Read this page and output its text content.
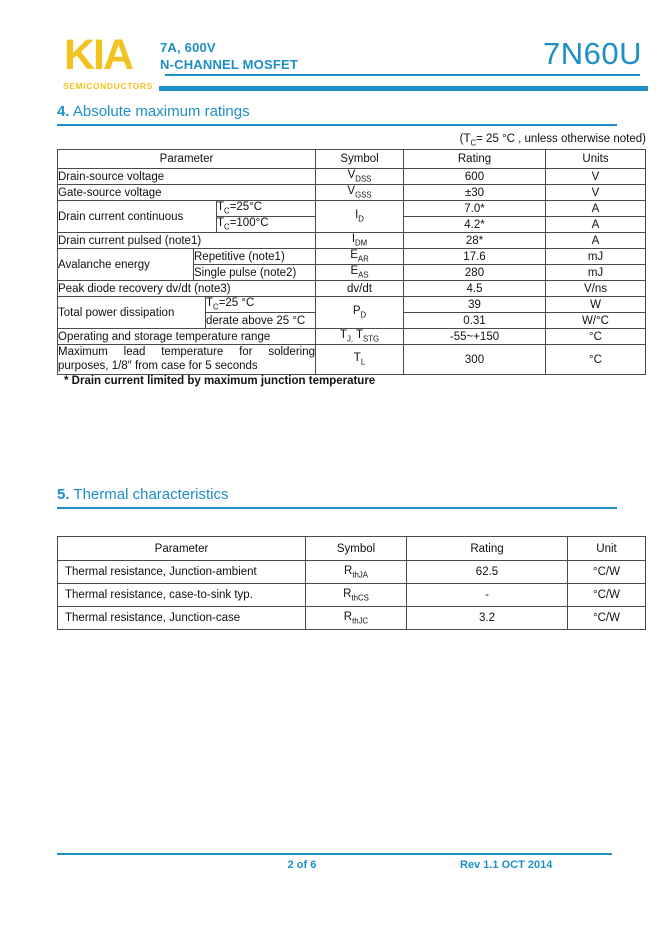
KIA
SEMICONDUCTORS
7A, 600V
N-CHANNEL MOSFET	7N60U
4. Absolute maximum ratings
($T_C= 25$ °C , unless otherwise noted)
Parameter				Symbol	Rating	Units
Drain-source voltage				$V_{DSS}$	600	V
Gate-source voltage				$V_{GSS}$	±30	V
Drain current continuous			$T_C=25^\circ C$	$I_D$	7.0*	A
			$T_C=100^\circ C$		4.2*	A
Drain current pulsed (note1)				$I_{DM}$	28*	A
Avalanche energy	Repetitive (note1)			$E_{AR}$	17.6	mJ
	Single pulse (note2)			$E_{AS}$	280	mJ
Peak diode recovery dv/dt (note3)				dv/dt	4.5	V/ns
Total power dissipation		$T_C=25$ °C		$P_D$	39	W
		derate above 25 °C			0.31	W/°C
Operating and storage temperature range				$T_{J,}$ $T_{STG}$	-55~+150	°C
Maximum lead temperature for soldering purposes, 1/8″ from case for 5 seconds				$T_L$	300	°C
* Drain current limited by maximum junction temperature
5. Thermal characteristics
Parameter	Symbol	Rating	Unit
Thermal resistance, Junction-ambient	$R_{thJA}$	62.5	°C/W
Thermal resistance, case-to-sink typ.	$R_{thCS}$	-	°C/W
Thermal resistance, Junction-case	$R_{thJC}$	3.2	°C/W
2 of 6	Rev 1.1 OCT 2014
